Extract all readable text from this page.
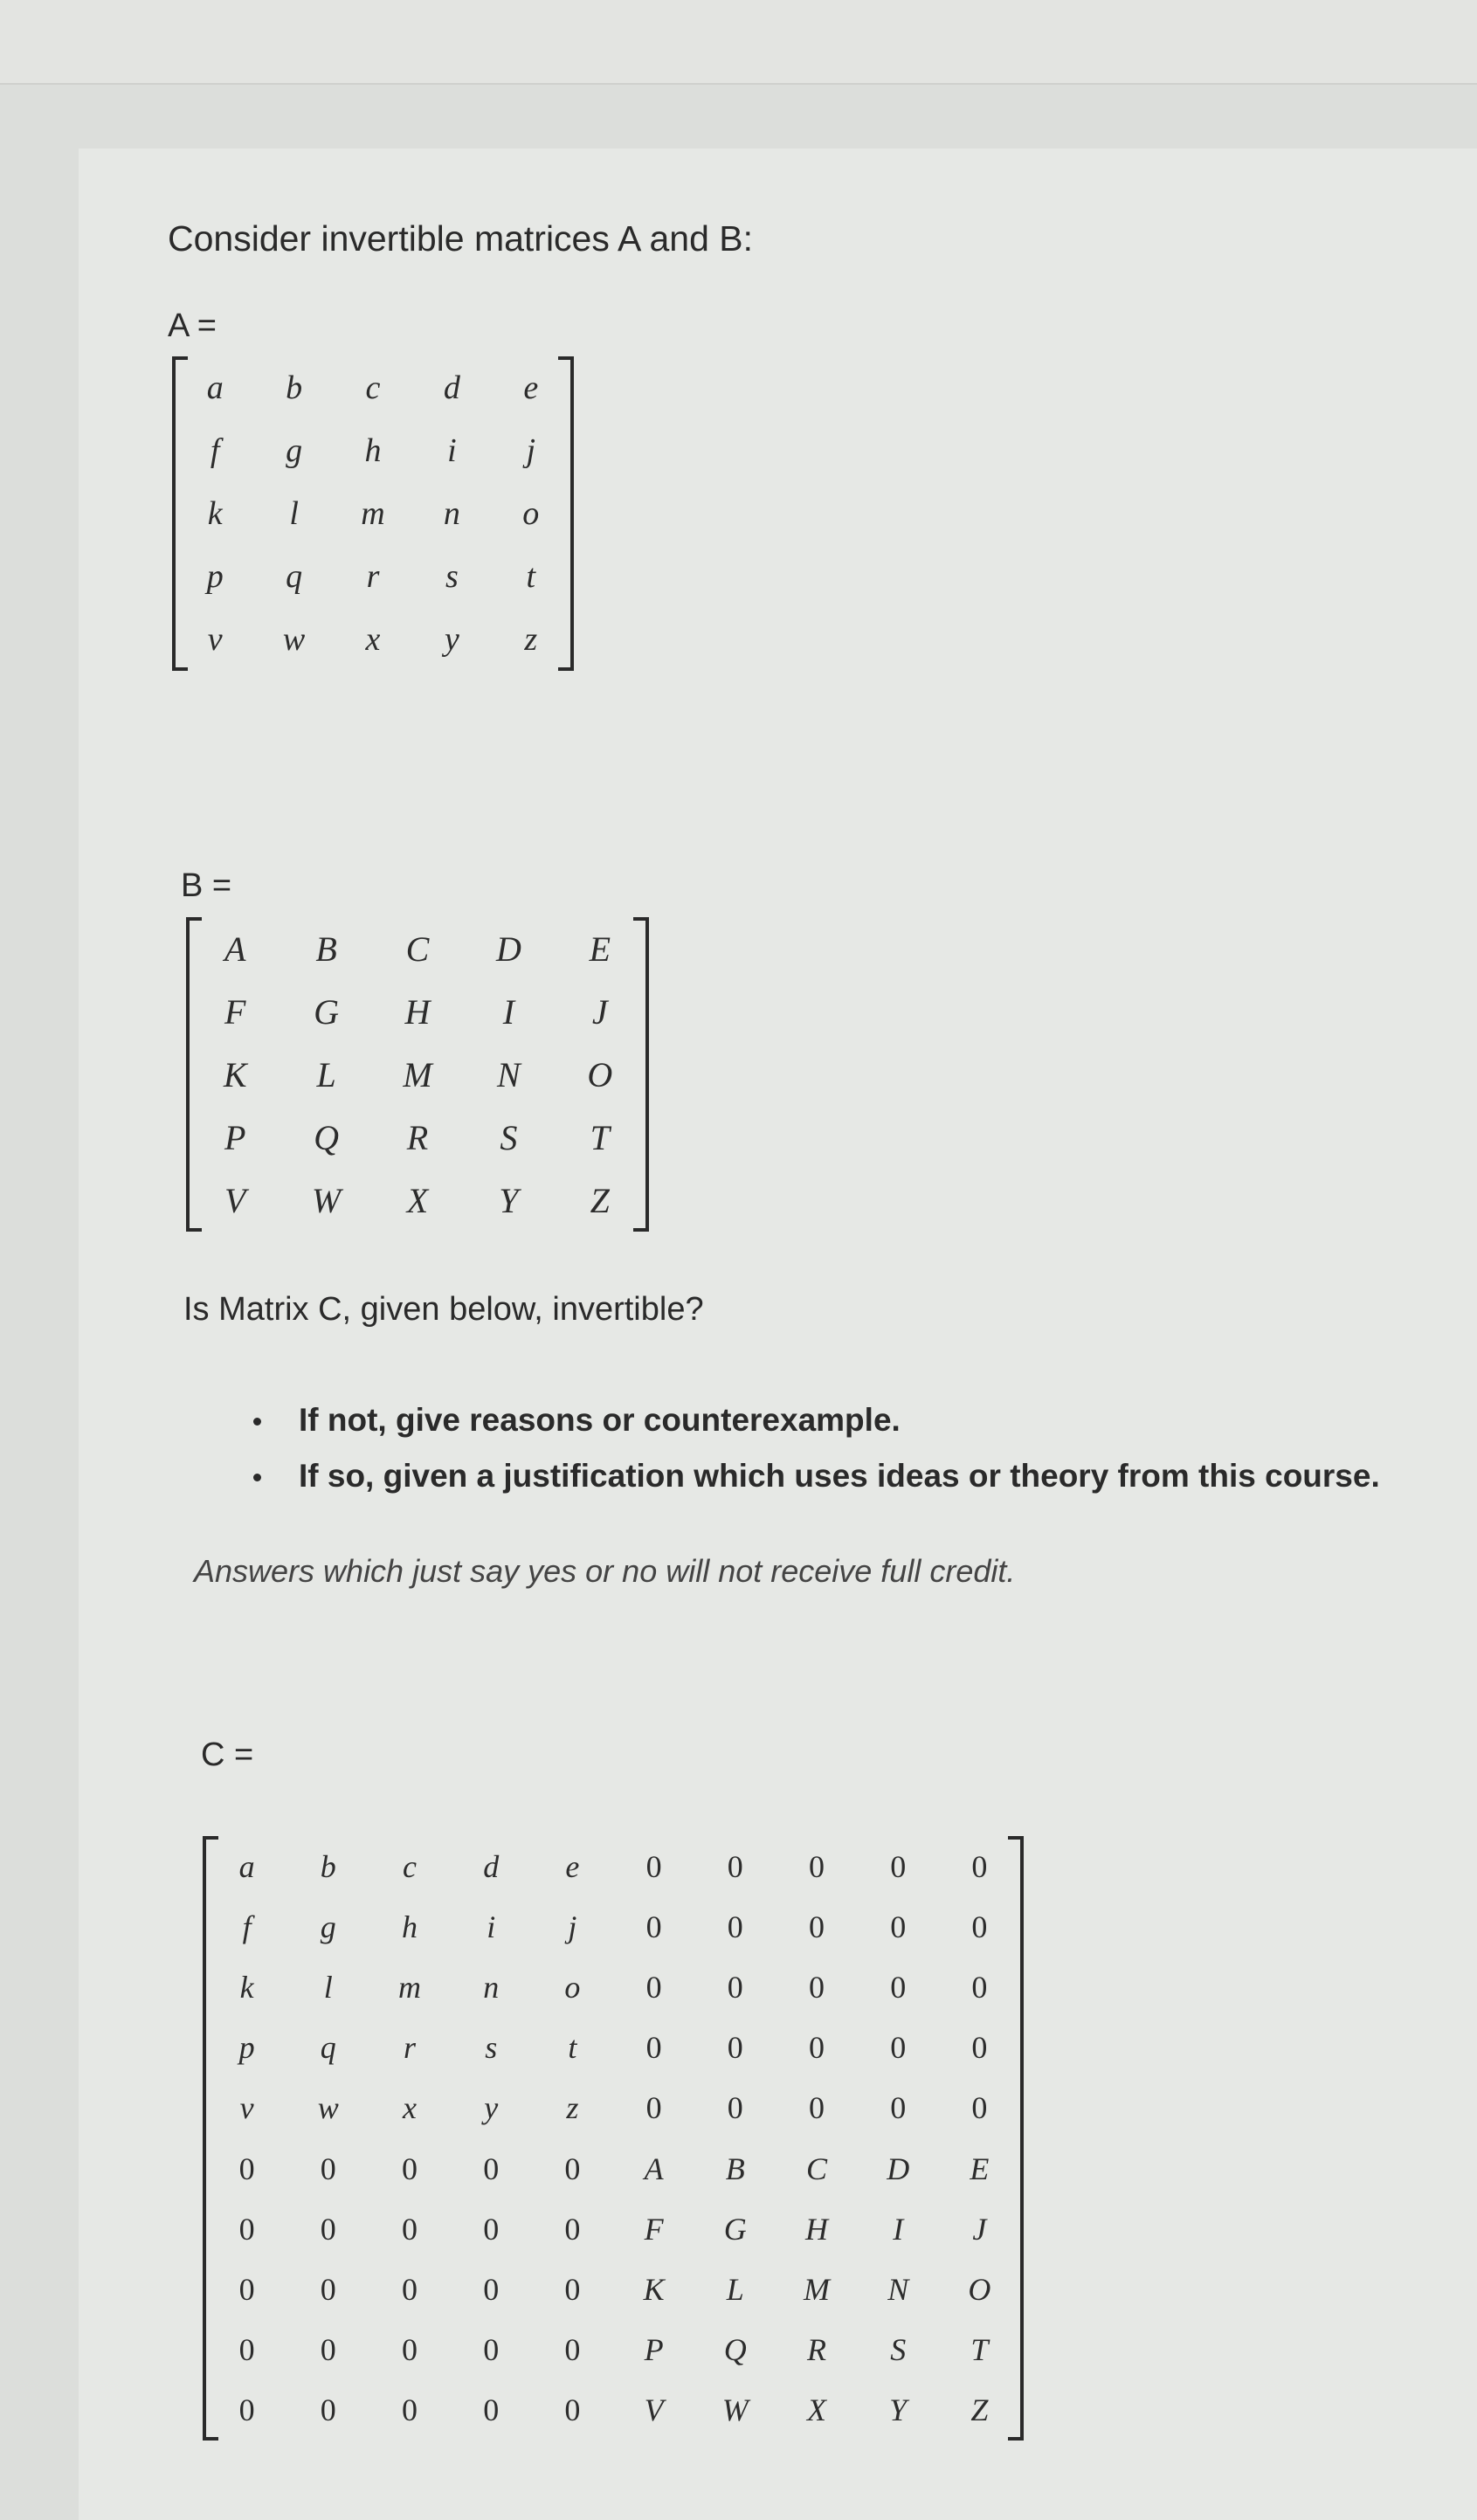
Consider invertible matrices A and B:
A =
a	b	c	d	e
f	g	h	i	j
k	l	m	n	o
p	q	r	s	t
v	w	x	y	z
B =
A	B	C	D	E
F	G	H	I	J
K	L	M	N	O
P	Q	R	S	T
V	W	X	Y	Z
Is Matrix C, given below, invertible?
If not, give reasons or counterexample.
If so, given a justification which uses ideas or theory from this course.
Answers which just say yes or no will not receive full credit.
C =
a	b	c	d	e	0	0	0	0	0
f	g	h	i	j	0	0	0	0	0
k	l	m	n	o	0	0	0	0	0
p	q	r	s	t	0	0	0	0	0
v	w	x	y	z	0	0	0	0	0
0	0	0	0	0	A	B	C	D	E
0	0	0	0	0	F	G	H	I	J
0	0	0	0	0	K	L	M	N	O
0	0	0	0	0	P	Q	R	S	T
0	0	0	0	0	V	W	X	Y	Z
